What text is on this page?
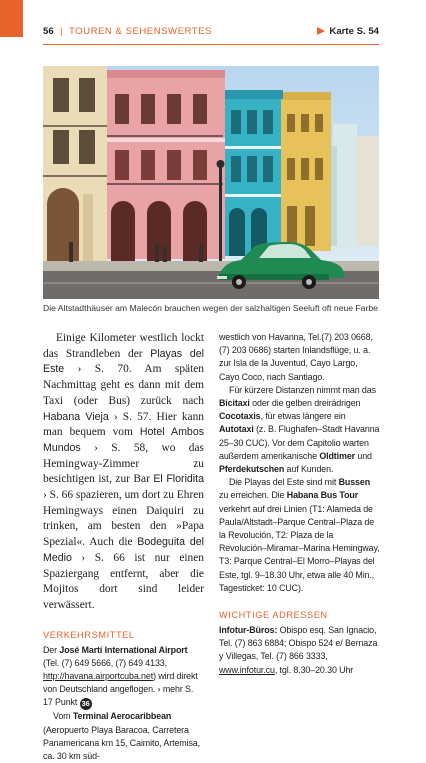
56 | TOUREN & SEHENSWERTES	Karte S. 54
Die Altstadthäuser am Malecón brauchen wegen der salzhaltigen Seeluft oft neue Farbe

Einige Kilometer westlich lockt das Strandleben der Playas del Este › S. 70. Am späten Nachmittag geht es dann mit dem Taxi (oder Bus) zurück nach Habana Vieja › S. 57. Hier kann man bequem vom Hotel Ambos Mundos › S. 58, wo das Hemingway-Zimmer zu besichtigen ist, zur Bar El Floridita › S. 66 spazieren, um dort zu Ehren Hemingways einen Daiquiri zu trinken, am besten den »Papa Spezial«. Auch die Bodeguita del Medio › S. 66 ist nur einen Spaziergang entfernt, aber die Mojitos dort sind leider verwässert.

VERKEHRSMITTEL

Der José Martí International Airport (Tel. (7) 649 5666, (7) 649 4133, http://havana.airportcuba.net) wird direkt von Deutschland angeflogen. › mehr S. 17 Punkt 36

Vom Terminal Aerocaribbean (Aeropuerto Playa Baracoa, Carretera Panamericana km 15, Caimito, Artemisa, ca. 30 km süd-

westlich von Havanna, Tel.(7) 203 0668, (7) 203 0686) starten Inlandsflüge, u. a. zur Isla de la Juventud, Cayo Largo, Cayo Coco, nach Santiago.

Für kürzere Distanzen nimmt man das Bicitaxi oder die gelben dreirädrigen Cocotaxis, für etwas längere ein Autotaxi (z. B. Flughafen–Stadt Havanna 25–30 CUC). Vor dem Capitolio warten außerdem amerikanische Oldtimer und Pferdekutschen auf Kunden.

Die Playas del Este sind mit Bussen zu erreichen. Die Habana Bus Tour verkehrt auf drei Linien (T1: Alameda de Paula/Altstadt–Parque Central–Plaza de la Revolución, T2: Plaza de la Revolución–Miramar–Marina Hemingway, T3: Parque Central–El Morro–Playas del Este, tgl. 9–18.30 Uhr, etwa alle 40 Min., Tagesticket: 10 CUC).

WICHTIGE ADRESSEN

Infotur-Büros: Obispo esq. San Ignacio, Tel. (7) 863 6884; Obispo 524 e/ Bernaza y Villegas, Tel. (7) 866 3333, www.infotur.cu, tgl. 8.30–20.30 Uhr
